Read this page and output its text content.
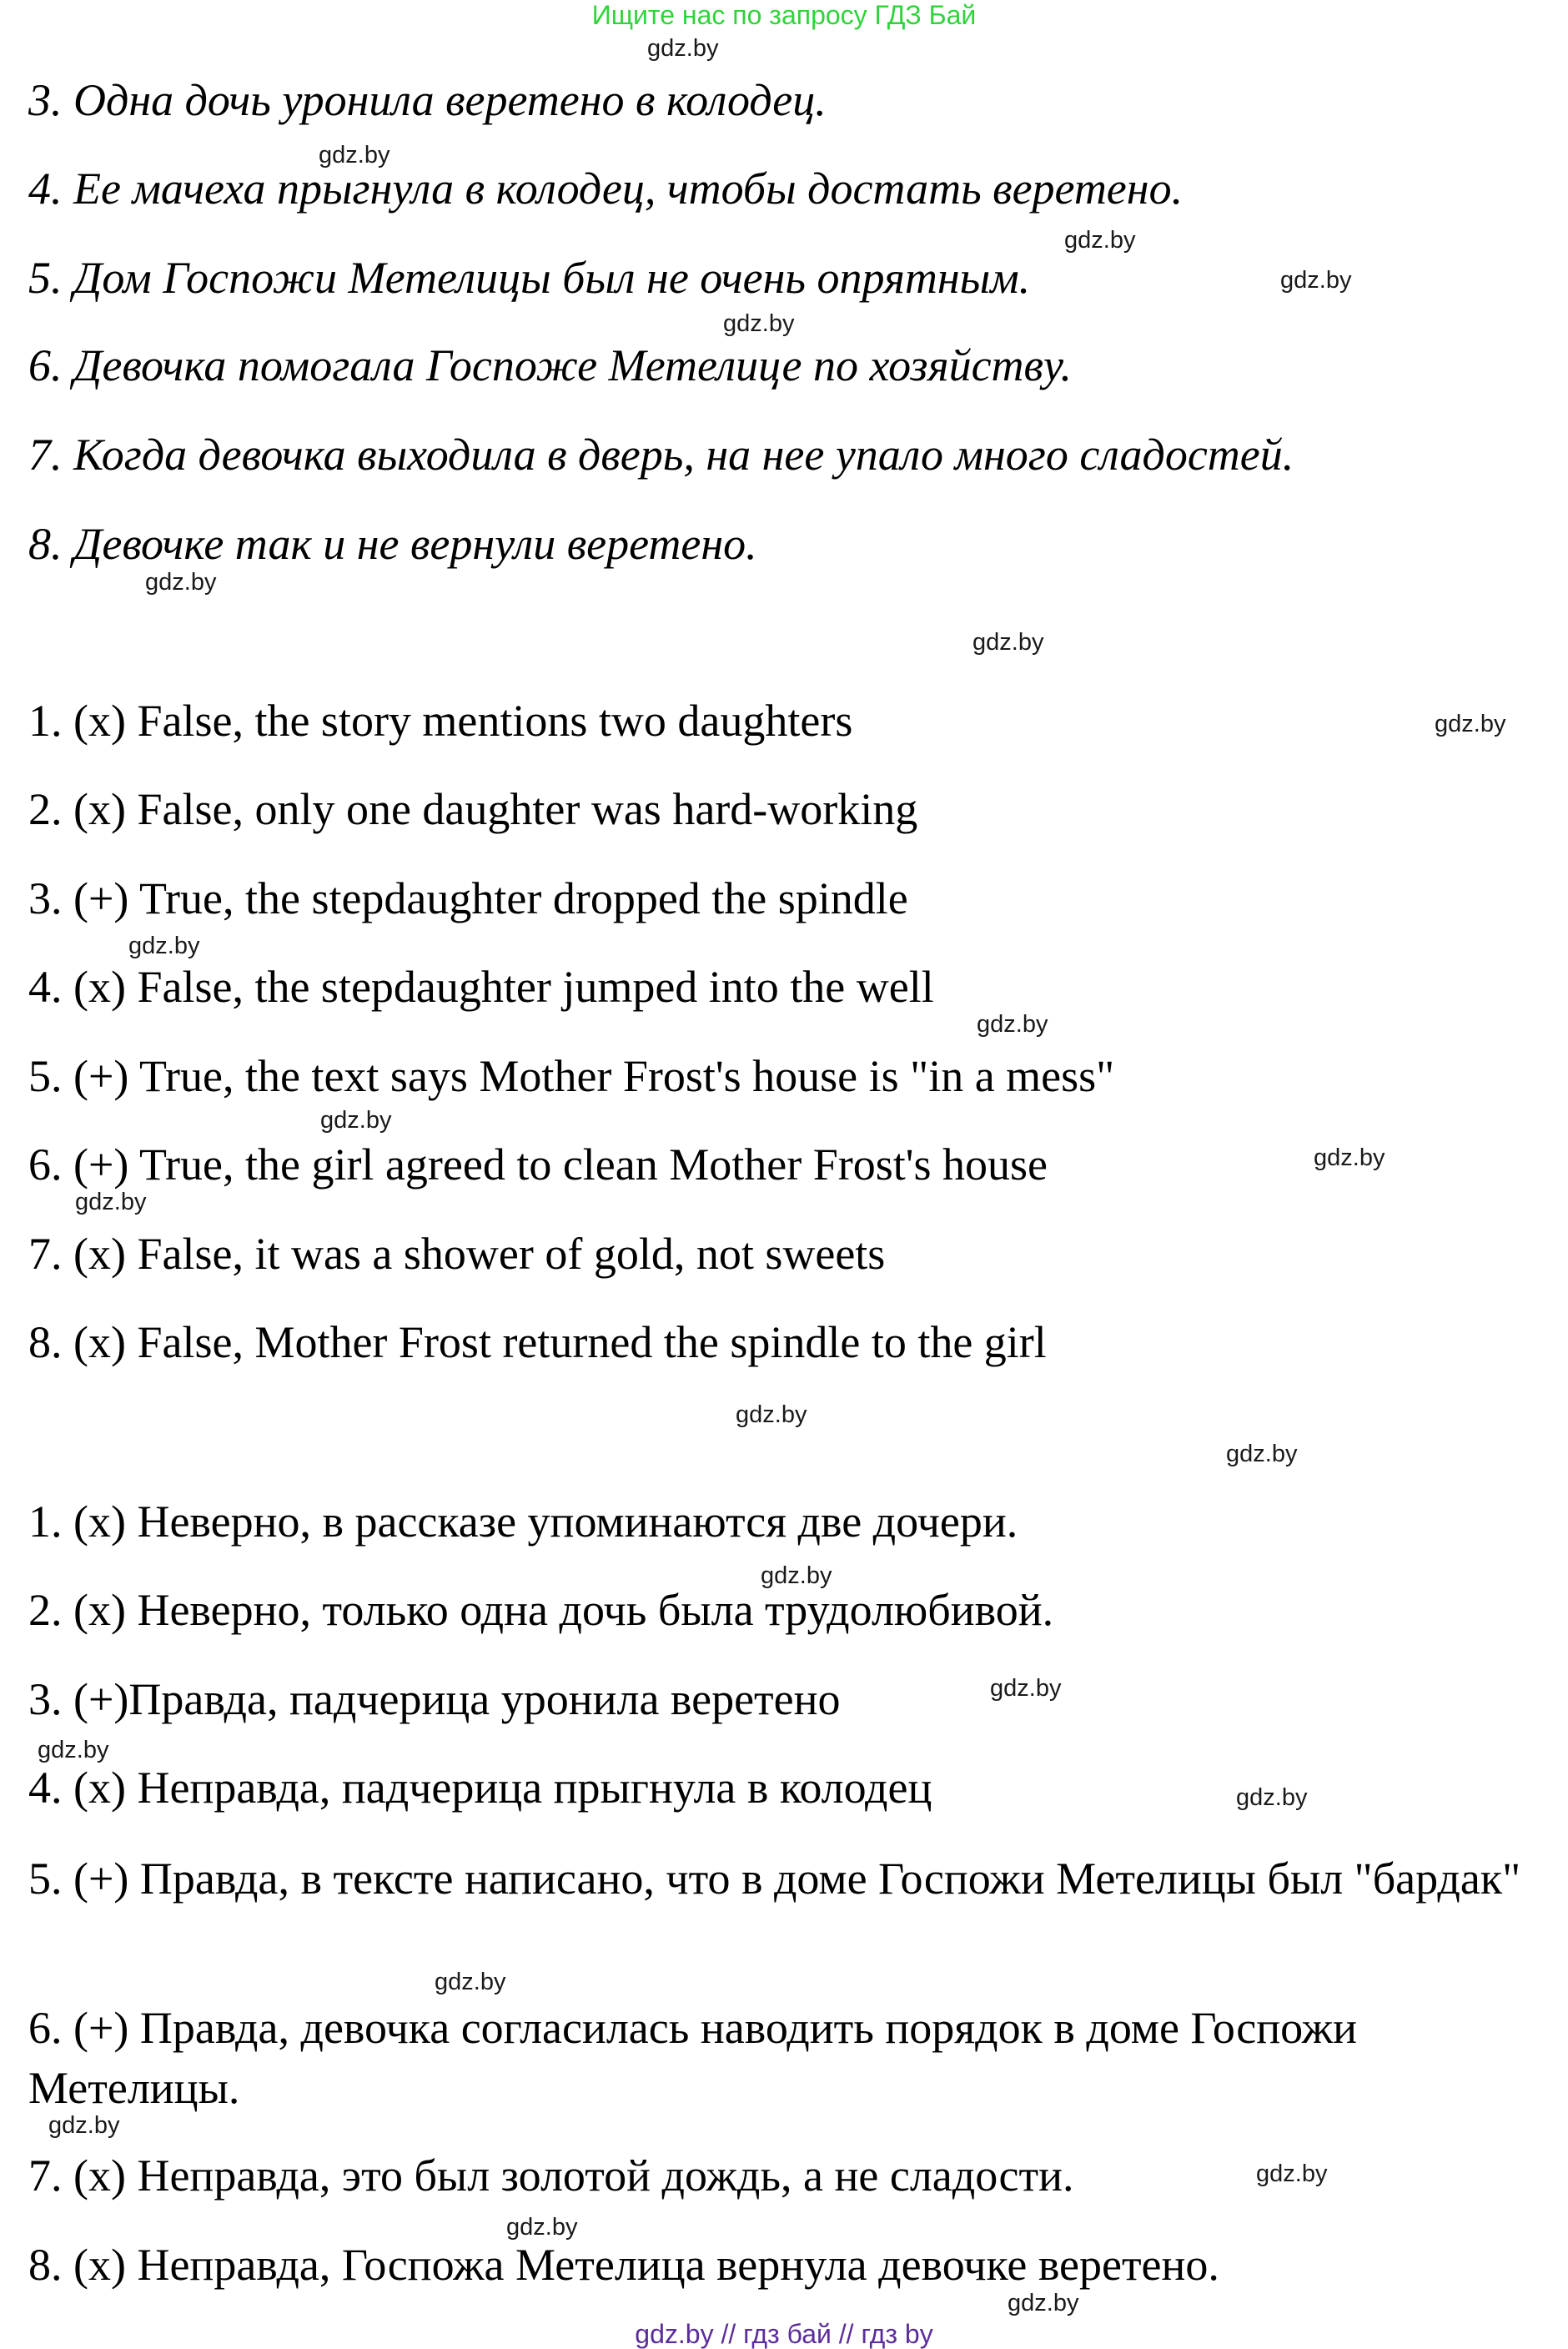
Ищите нас по запросу ГДЗ Бай
3. Одна дочь уронила веретено в колодец.
4. Ее мачеха прыгнула в колодец, чтобы достать веретено.
5. Дом Госпожи Метелицы был не очень опрятным.
6. Девочка помогала Госпоже Метелице по хозяйству.
7. Когда девочка выходила в дверь, на нее упало много сладостей.
8. Девочке так и не вернули веретено.
1. (x) False, the story mentions two daughters
2. (x) False, only one daughter was hard-working
3. (+) True, the stepdaughter dropped the spindle
4. (x) False, the stepdaughter jumped into the well
5. (+) True, the text says Mother Frost's house is "in a mess"
6. (+) True, the girl agreed to clean Mother Frost's house
7. (x) False, it was a shower of gold, not sweets
8. (x) False, Mother Frost returned the spindle to the girl
1. (x) Неверно, в рассказе упоминаются две дочери.
2. (x) Неверно, только одна дочь была трудолюбивой.
3. (+)Правда, падчерица уронила веретено
4. (x) Неправда, падчерица прыгнула в колодец
5. (+) Правда, в тексте написано, что в доме Госпожи Метелицы был "бардак"
6. (+) Правда, девочка согласилась наводить порядок в доме Госпожи Метелицы.
7. (x) Неправда, это был золотой дождь, а не сладости.
8. (x) Неправда, Госпожа Метелица вернула девочке веретено.
gdz.by
gdz.by
gdz.by
gdz.by
gdz.by
gdz.by
gdz.by
gdz.by
gdz.by
gdz.by
gdz.by
gdz.by
gdz.by
gdz.by
gdz.by
gdz.by
gdz.by
gdz.by
gdz.by
gdz.by
gdz.by
gdz.by
gdz.by
gdz.by
gdz.by // гдз бай // гдз by
